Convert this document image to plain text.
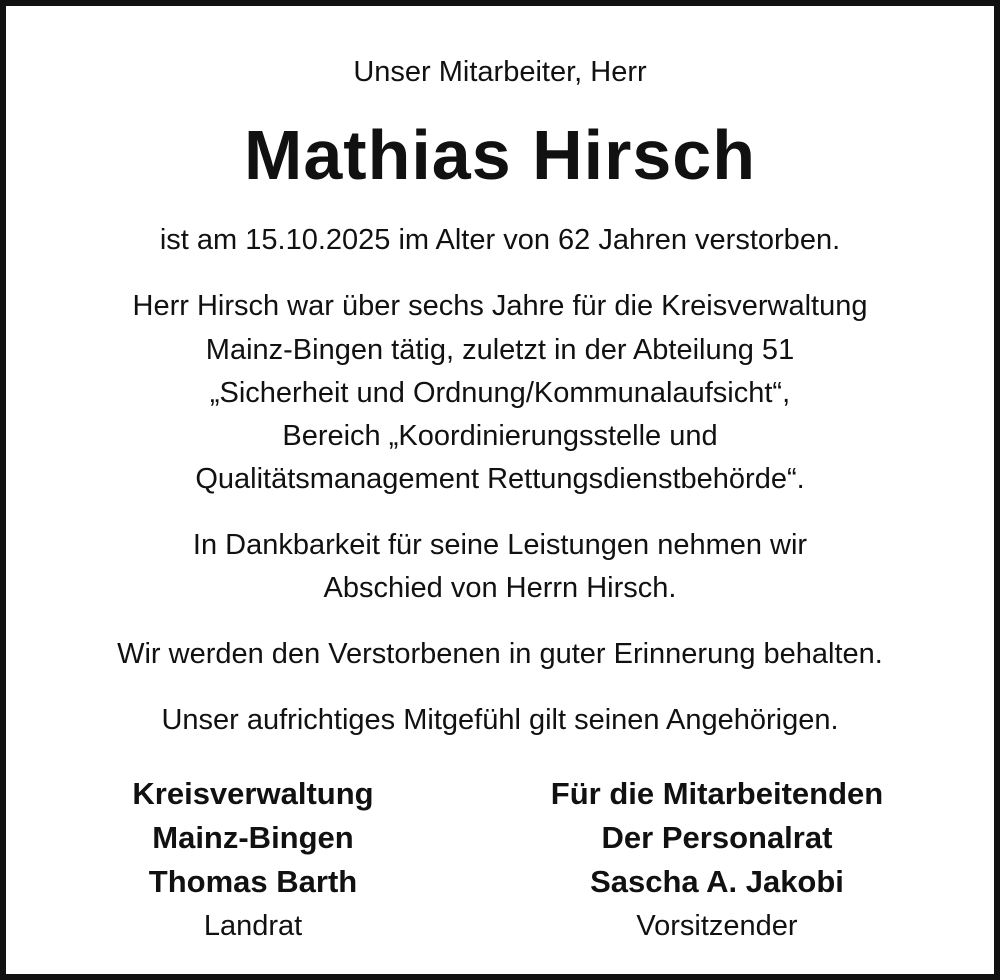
Unser Mitarbeiter, Herr
Mathias Hirsch
ist am 15.10.2025 im Alter von 62 Jahren verstorben.
Herr Hirsch war über sechs Jahre für die Kreisverwaltung
Mainz-Bingen tätig, zuletzt in der Abteilung 51
„Sicherheit und Ordnung/Kommunalaufsicht“,
Bereich „Koordinierungsstelle und
Qualitätsmanagement Rettungsdienstbehörde“.
In Dankbarkeit für seine Leistungen nehmen wir
Abschied von Herrn Hirsch.
Wir werden den Verstorbenen in guter Erinnerung behalten.
Unser aufrichtiges Mitgefühl gilt seinen Angehörigen.
Kreisverwaltung
Mainz-Bingen
Thomas Barth
Landrat
Für die Mitarbeitenden
Der Personalrat
Sascha A. Jakobi
Vorsitzender
